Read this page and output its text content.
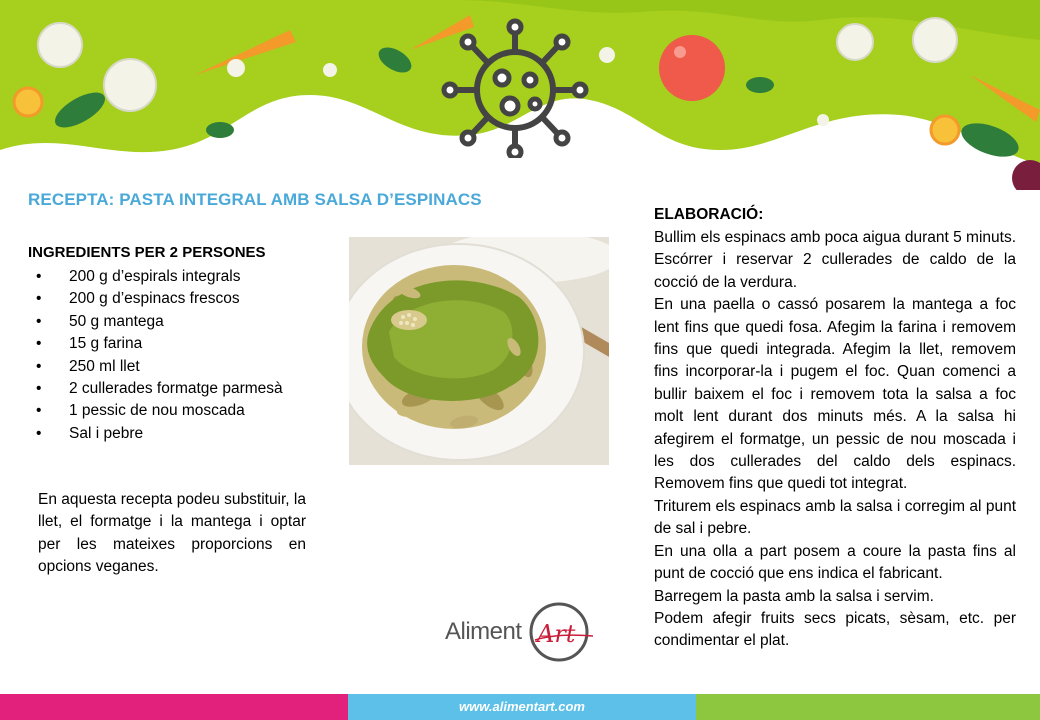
RECEPTA: PASTA INTEGRAL AMB SALSA D’ESPINACS
INGREDIENTS PER 2 PERSONES
• 200 g d’espirals integrals
• 200 g d’espinacs frescos
• 50 g mantega
• 15 g farina
• 250 ml llet
• 2 cullerades formatge parmesà
• 1 pessic de nou moscada
• Sal i pebre
En aquesta recepta podeu substituir, la llet, el formatge i la mantega i optar per les mateixes proporcions en opcions veganes.
ELABORACIÓ:

Bullim els espinacs amb poca aigua durant 5 minuts. Escórrer i reservar 2 cullerades de caldo de la cocció de la verdura.

En una paella o cassó posarem la mantega a foc lent fins que quedi fosa. Afegim la farina i removem fins que quedi integrada. Afegim la llet, removem fins incorporar-la i pugem el foc. Quan comenci a bullir baixem el foc i removem tota la salsa a foc molt lent durant dos minuts més. A la salsa hi afegirem el formatge, un pessic de nou moscada i les dos cullerades del caldo dels espinacs. Removem fins que quedi tot integrat.

Triturem els espinacs amb la salsa i corregim al punt de sal i pebre.

En una olla a part posem a coure la pasta fins al punt de cocció que ens indica el fabricant.

Barregem la pasta amb la salsa i servim.

Podem afegir fruits secs picats, sèsam, etc. per condimentar el plat.

Aliment Art
www.alimentart.com
